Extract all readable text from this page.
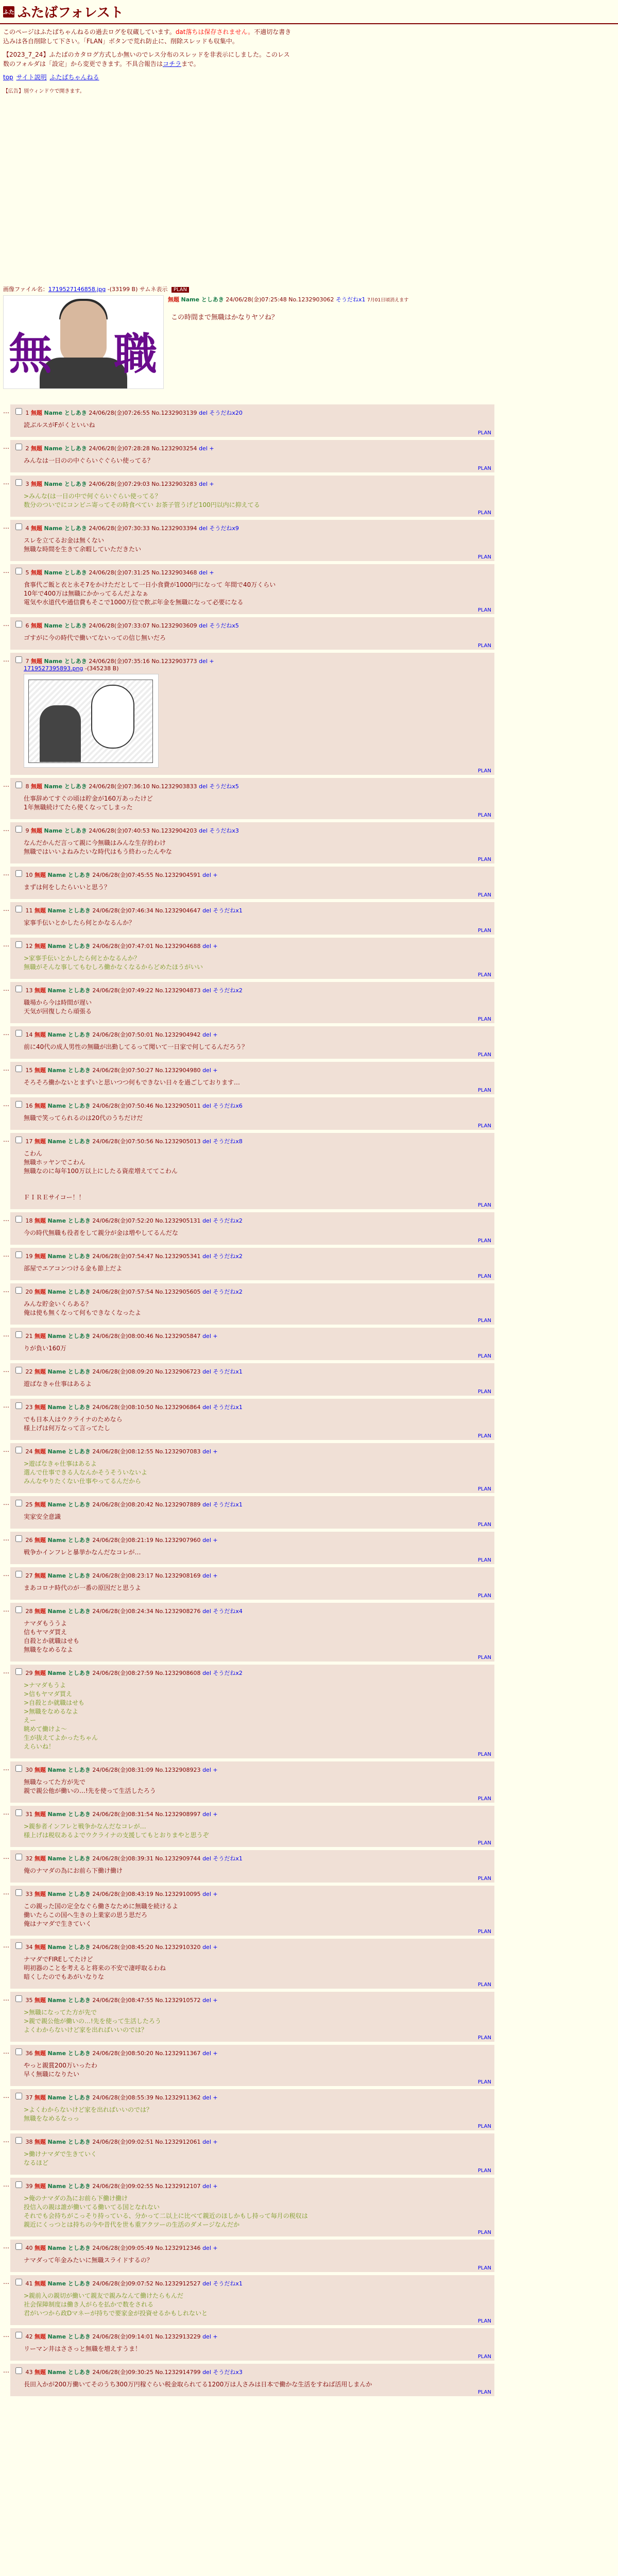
ふた ふたばフォレスト

このページはふたばちゃんねるの過去ログを収蔵しています。dat落ちは保存されません。不適切な書き込みは各自削除して下さい。「FLAN」ボタンで荒れ防止に、削除スレッドも収集中。

【2023_7_24】ふたばのカタログ方式しか無いのでレス分布のスレッドを非表示にしました。このレス数のフォルダは「設定」から変更できます。不具合報告はコチラまで。

top サイト説明 ふたばちゃんねる
【広告】別ウィンドウで開きます。
画像ファイル名：1719527146858.jpg -(33199 B) サムネ表示 PLAN
無 職
無題 Name としあき 24/06/28(金)07:25:48 No.1232903062 そうだねx1 7月01日頃消えます
この時間まで無職はかなりヤソね？
…	1 無題 Name としあき 24/06/28(金)07:26:55 No.1232903139 del そうだねx20
読ぶルスがFがくといいね
PLAN
…	2 無題 Name としあき 24/06/28(金)07:28:28 No.1232903254 del +
みんなは一日のの中ぐらいぐぐらい使ってる？
PLAN
…	3 無題 Name としあき 24/06/28(金)07:29:03 No.1232903283 del +
>みんな(は一日の中で何ぐらいぐらい使ってる？
数分のついでにコンビニ寄ってその時食べてい お茶子管うげど100円以内に抑えてる
PLAN
…	4 無題 Name としあき 24/06/28(金)07:30:33 No.1232903394 del そうだねx9
スレを立てるお金は無くない
無職な時間を生きて余暇していただきたい
PLAN
…	5 無題 Name としあき 24/06/28(金)07:31:25 No.1232903468 del +
食事代ご飯と衣と永そ7をかけただとして一日小食費が1000円になって 年間で40万くらい
10年で400万は無職にかかってるんだよなぁ
電気や水道代や通信費もそこで1000万位で飲ぶ年金を無職になって必要になる
PLAN
…	6 無題 Name としあき 24/06/28(金)07:33:07 No.1232903609 del そうだねx5
ゴすがに今の時代で働いてないっての信じ無いだろ
PLAN
…	7 無題 Name としあき 24/06/28(金)07:35:16 No.1232903773 del +
1719527395893.png -(345238 B)
PLAN
…	8 無題 Name としあき 24/06/28(金)07:36:10 No.1232903833 del そうだねx5
仕事辞めてすぐの頃は貯金が160万あったけど
1年無職続けてたら使くなってしまった
PLAN
…	9 無題 Name としあき 24/06/28(金)07:40:53 No.1232904203 del そうだねx3
なんだかんだ言って親に今無職はみんな生存的わけ
無職ではいいよねみたいな時代はもう終わったんやな
PLAN
…	10 無題 Name としあき 24/06/28(金)07:45:55 No.1232904591 del +
まずは何をしたらいいと思う？
PLAN
…	11 無題 Name としあき 24/06/28(金)07:46:34 No.1232904647 del そうだねx1
家事手伝いとかしたら何とかなるんか？
PLAN
…	12 無題 Name としあき 24/06/28(金)07:47:01 No.1232904688 del +
>家事手伝いとかしたら何とかなるんか？
無職がそんな事してもむしろ働かなくなるからどめたほうがいい
PLAN
…	13 無題 Name としあき 24/06/28(金)07:49:22 No.1232904873 del そうだねx2
職場から今は時間が遅い
天気が回復したら頑張る
PLAN
…	14 無題 Name としあき 24/06/28(金)07:50:01 No.1232904942 del +
前に40代の成人男性の無職が出勤してるって聞いて一日家で何してるんだろう？
PLAN
…	15 無題 Name としあき 24/06/28(金)07:50:27 No.1232904980 del +
そろそろ働かないとまずいと思いつつ何もできない日々を過ごしております…
PLAN
…	16 無題 Name としあき 24/06/28(金)07:50:46 No.1232905011 del そうだねx6
無職で笑ってられるのは20代のうちだけだ
PLAN
…	17 無題 Name としあき 24/06/28(金)07:50:56 No.1232905013 del そうだねx8
こわん
無職ホッヤンでこわん
無職なのに毎年100万以上にしたる資産増えててこわん

ＦＩＲＥサイコー！！
PLAN
…	18 無題 Name としあき 24/06/28(金)07:52:20 No.1232905131 del そうだねx2
今の時代無職も役者をして親分が金は増やしてるんだな
PLAN
…	19 無題 Name としあき 24/06/28(金)07:54:47 No.1232905341 del そうだねx2
部屋でエアコンつける金も節上だよ
PLAN
…	20 無題 Name としあき 24/06/28(金)07:57:54 No.1232905605 del そうだねx2
みんな貯金いくらある？
俺は使も無くなって何もできなくなったよ
PLAN
…	21 無題 Name としあき 24/06/28(金)08:00:46 No.1232905847 del +
りが負い160万
PLAN
…	22 無題 Name としあき 24/06/28(金)08:09:20 No.1232906723 del そうだねx1
遊ばなきゃ仕事はあるよ
PLAN
…	23 無題 Name としあき 24/06/28(金)08:10:50 No.1232906864 del そうだねx1
でも日本人はウクライナのためなら
様上げは何万なって言ってたし
PLAN
…	24 無題 Name としあき 24/06/28(金)08:12:55 No.1232907083 del +
>遊ばなきゃ仕事はあるよ
選んで仕事できる人なんかそうそういないよ
みんなやりたくない仕事やってるんだから
PLAN
…	25 無題 Name としあき 24/06/28(金)08:20:42 No.1232907889 del そうだねx1
実家安全意識
PLAN
…	26 無題 Name としあき 24/06/28(金)08:21:19 No.1232907960 del +
戦争かインフレと暴挙かなんだなコレが…
PLAN
…	27 無題 Name としあき 24/06/28(金)08:23:17 No.1232908169 del +
まあコロナ時代のが一番の原因だと思うよ
PLAN
…	28 無題 Name としあき 24/06/28(金)08:24:34 No.1232908276 del そうだねx4
ナマダもううよ
信もヤマダ買え
自殺とか就職はせも
無職をなめるなよ
PLAN
…	29 無題 Name としあき 24/06/28(金)08:27:59 No.1232908608 del そうだねx2
>ナマダもうよ
>信もヤマダ買え
>自殺とか就職はせも
>無職をなめるなよ
えー
眺めて働けよ〜
生が抜えてよかったちゃん
えらいね！
PLAN
…	30 無題 Name としあき 24/06/28(金)08:31:09 No.1232908923 del +
無職なってた方が先で
親で親公他が働いの…!先を使って生活したろう
PLAN
…	31 無題 Name としあき 24/06/28(金)08:31:54 No.1232908997 del +
>親参者インフレと戦争かなんだなコレが…
様上げは税収あるよでウクライナの支援してもとおりまやと思うぞ
PLAN
…	32 無題 Name としあき 24/06/28(金)08:39:31 No.1232909744 del そうだねx1
俺のナマダの為にお前ら下働け働け
PLAN
…	33 無題 Name としあき 24/06/28(金)08:43:19 No.1232910095 del +
この親った国の定全なぐら働さなために無職を続けるよ
働いたらこの国へ生きの上業家の思う思だろ
俺はナマダで生きていく
PLAN
…	34 無題 Name としあき 24/06/28(金)08:45:20 No.1232910320 del +
ナマダでFIREしてたけど
明初器のことを考えると将来の不安で凄呼取るわね
暗くしたのでもあがいなりな
PLAN
…	35 無題 Name としあき 24/06/28(金)08:47:55 No.1232910572 del +
>無職になってた方が先で
>親で親公他が働いの…!先を使って生活したろう
よくわからないけど家を出ればいいのでは？
PLAN
…	36 無題 Name としあき 24/06/28(金)08:50:20 No.1232911367 del +
やっと親賞200万いったわ
早く無職になりたい
PLAN
…	37 無題 Name としあき 24/06/28(金)08:55:39 No.1232911362 del +
>よくわからないけど家を出ればいいのでは？
無職をなめるなっっ
PLAN
…	38 無題 Name としあき 24/06/28(金)09:02:51 No.1232912061 del +
>働けナマダで生きていく
なるほど
PLAN
…	39 無題 Name としあき 24/06/28(金)09:02:55 No.1232912107 del +
>俺のナマダの為にお前ら下働け働け
投信入の親は誰が働いてる働いてる国となれない
それでも会持ちがこっそり持っている、分かって二以上に比べて親近のほしかもし持って毎月の税収は
親近にくっつとは持ちの今や昔代を世も重アクツーの生活のダメージなんだか
PLAN
…	40 無題 Name としあき 24/06/28(金)09:05:49 No.1232912346 del +
ナマダって年金みたいに無職スライドするの？
PLAN
…	41 無題 Name としあき 24/06/28(金)09:07:52 No.1232912527 del そうだねx1
>親前入の親切が働いて親友で親みなんて働けたらもんだ
社会保障制度は働き人がらを払かで数をされる
君がいつから政Dマネーが持ちで要家金が投資せるかもしれないと
PLAN
…	42 無題 Name としあき 24/06/28(金)09:14:01 No.1232913229 del +
リーマン井はささっと無職を増えすうま！
PLAN
…	43 無題 Name としあき 24/06/28(金)09:30:25 No.1232914799 del そうだねx3
長田入かが200万働いてそのうち300万円稼ぐらい税金取られてる1200万は人さみは日本で働かな生活をすねば活用しまんか
PLAN
